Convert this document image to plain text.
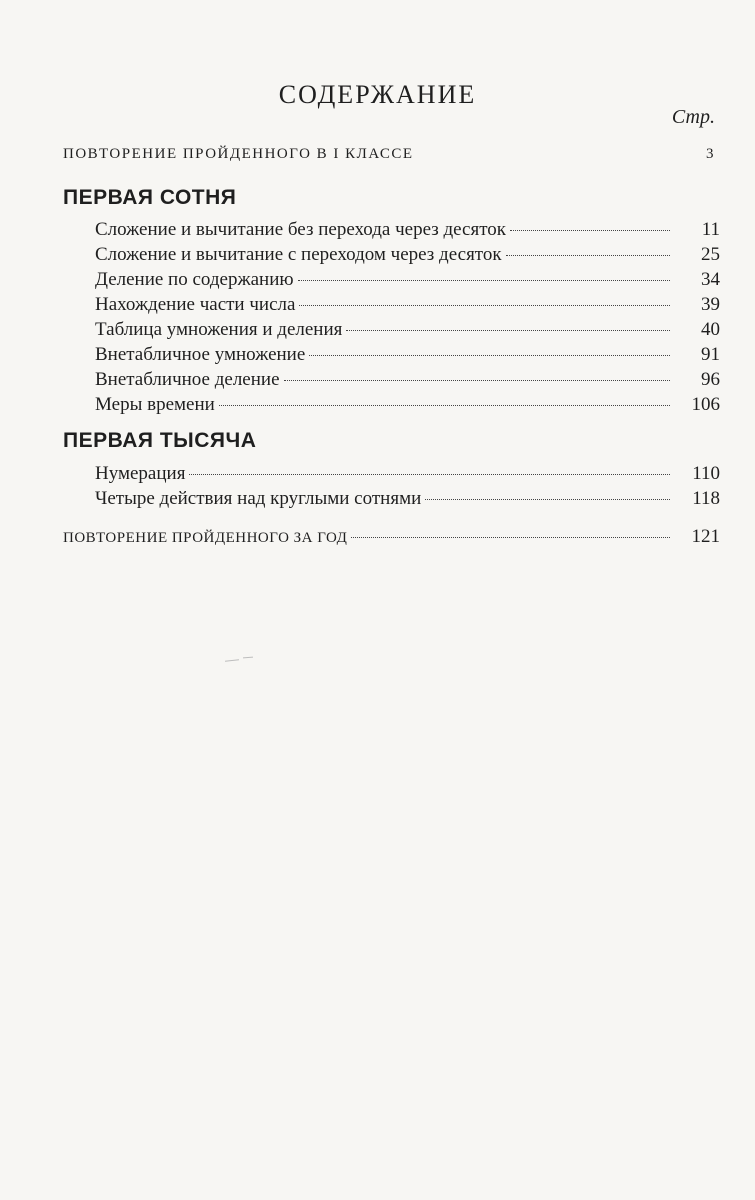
СОДЕРЖАНИЕ
Стр.
ПОВТОРЕНИЕ ПРОЙДЕННОГО В I КЛАССЕ	3
ПЕРВАЯ СОТНЯ
Сложение и вычитание без перехода через десяток	11
Сложение и вычитание с переходом через десяток	25
Деление по содержанию	34
Нахождение части числа	39
Таблица умножения и деления	40
Внетабличное умножение	91
Внетабличное деление	96
Меры времени	106
ПЕРВАЯ ТЫСЯЧА
Нумерация	110
Четыре действия над круглыми сотнями	118
ПОВТОРЕНИЕ ПРОЙДЕННОГО ЗА ГОД	121
